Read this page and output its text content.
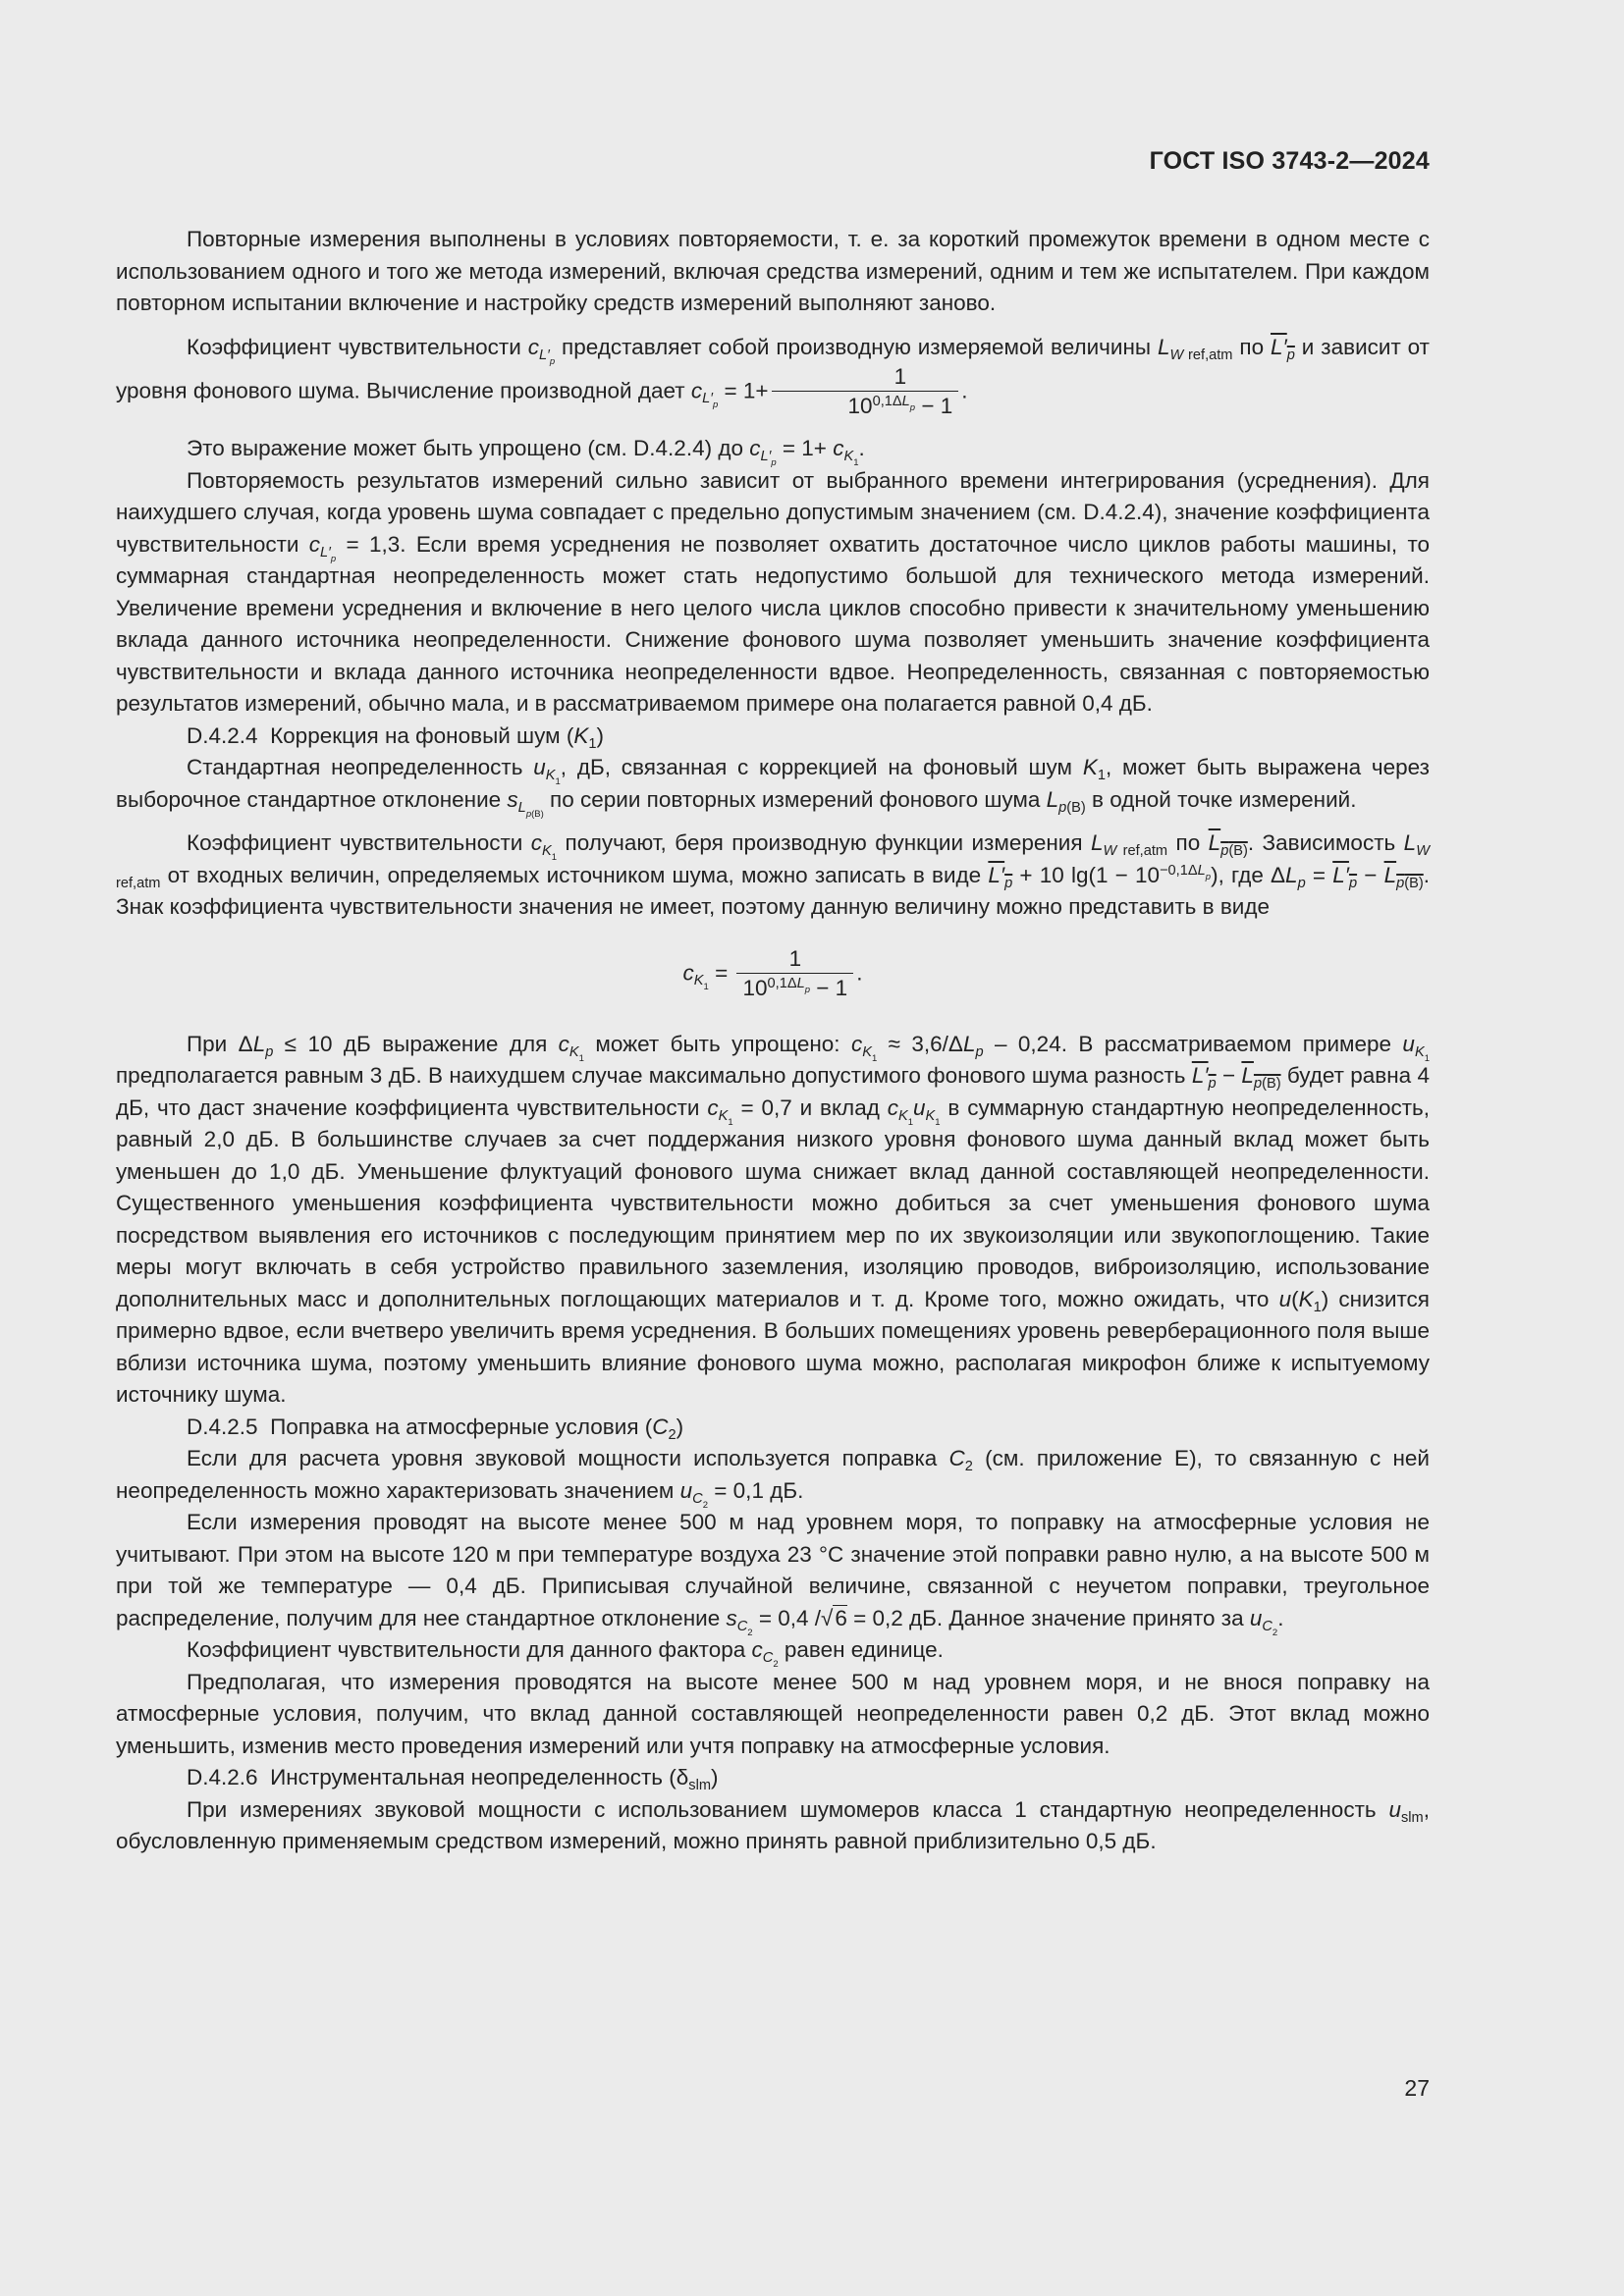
ГОСТ ISO 3743-2—2024

Повторные измерения выполнены в условиях повторяемости, т. е. за короткий промежуток времени в одном месте с использованием одного и того же метода измерений, включая средства измерений, одним и тем же испытателем. При каждом повторном испытании включение и настройку средств измерений выполняют заново.

Коэффициент чувствительности $c_{L'_p}$ представляет собой производную измеряемой величины $L_{W ref,atm}$ по $L'_p$ и зависит от уровня фонового шума. Вычисление производной дает $c_{L'_p} = 1+ \frac{1}{10^{0,1\Delta L_p} - 1}$ .

Это выражение может быть упрощено (см. D.4.2.4) до $c_{L'_p} = 1+ c_{K_1}$.

Повторяемость результатов измерений сильно зависит от выбранного времени интегрирования (усреднения). Для наихудшего случая, когда уровень шума совпадает с предельно допустимым значением (см. D.4.2.4), значение коэффициента чувствительности $c_{L'_p} = 1,3$. Если время усреднения не позволяет охватить достаточное число циклов работы машины, то суммарная стандартная неопределенность может стать недопустимо большой для технического метода измерений. Увеличение времени усреднения и включение в него целого числа циклов способно привести к значительному уменьшению вклада данного источника неопределенности. Снижение фонового шума позволяет уменьшить значение коэффициента чувствительности и вклада данного источника неопределенности вдвое. Неопределенность, связанная с повторяемостью результатов измерений, обычно мала, и в рассматриваемом примере она полагается равной 0,4 дБ.

D.4.2.4 Коррекция на фоновый шум $(K_1)$

Стандартная неопределенность $u_{K_1}$, дБ, связанная с коррекцией на фоновый шум $K_1$, может быть выражена через выборочное стандартное отклонение $s_{L_{p(B)}}$ по серии повторных измерений фонового шума $L_{p(B)}$ в одной точке измерений.

Коэффициент чувствительности $c_{K_1}$ получают, беря производную функции измерения $L_{W ref,atm}$ по $L_{p(B)}$. Зависимость $L_{W ref,atm}$ от входных величин, определяемых источником шума, можно записать в виде $L'_p + 10$ $\lg(1 - 10^{-0,1\Delta L_p})$, где $\Delta L_p = L'_p - L_{p(B)}$. Знак коэффициента чувствительности значения не имеет, поэтому данную величину можно представить в виде

$c_{K_1} = \frac{1}{10^{0,1\Delta L_p} - 1}$ .

При $\Delta L_p \le 10$ дБ выражение для $c_{K_1}$ может быть упрощено: $c_{K_1} \approx 3,6/\Delta L_p - 0,24$. В рассматриваемом примере $u_{K_1}$ предполагается равным 3 дБ. В наихудшем случае максимально допустимого фонового шума разность $L'_p - L_{p(B)}$ будет равна 4 дБ, что даст значение коэффициента чувствительности $c_{K_1} = 0,7$ и вклад $c_{K_1}u_{K_1}$ в суммарную стандартную неопределенность, равный 2,0 дБ. В большинстве случаев за счет поддержания низкого уровня фонового шума данный вклад может быть уменьшен до 1,0 дБ. Уменьшение флуктуаций фонового шума снижает вклад данной составляющей неопределенности. Существенного уменьшения коэффициента чувствительности можно добиться за счет уменьшения фонового шума посредством выявления его источников с последующим принятием мер по их звукоизоляции или звукопоглощению. Такие меры могут включать в себя устройство правильного заземления, изоляцию проводов, виброизоляцию, использование дополнительных масс и дополнительных поглощающих материалов и т. д. Кроме того, можно ожидать, что $u(K_1)$ снизится примерно вдвое, если вчетверо увеличить время усреднения. В больших помещениях уровень реверберационного поля выше вблизи источника шума, поэтому уменьшить влияние фонового шума можно, располагая микрофон ближе к испытуемому источнику шума.

D.4.2.5 Поправка на атмосферные условия $(C_2)$

Если для расчета уровня звуковой мощности используется поправка $C_2$ (см. приложение E), то связанную с ней неопределенность можно характеризовать значением $u_{C_2} = 0,1$ дБ.

Если измерения проводят на высоте менее 500 м над уровнем моря, то поправку на атмосферные условия не учитывают. При этом на высоте 120 м при температуре воздуха 23 °C значение этой поправки равно нулю, а на высоте 500 м при той же температуре — 0,4 дБ. Приписывая случайной величине, связанной с неучетом поправки, треугольное распределение, получим для нее стандартное отклонение $s_{C_2} = 0,4$ /√6 = 0,2 дБ. Данное значение принято за $u_{C_2}$.

Коэффициент чувствительности для данного фактора $c_{C_2}$ равен единице.

Предполагая, что измерения проводятся на высоте менее 500 м над уровнем моря, и не внося поправку на атмосферные условия, получим, что вклад данной составляющей неопределенности равен 0,2 дБ. Этот вклад можно уменьшить, изменив место проведения измерений или учтя поправку на атмосферные условия.

D.4.2.6 Инструментальная неопределенность $(\delta_{slm})$

При измерениях звуковой мощности с использованием шумомеров класса 1 стандартную неопределенность $u_{slm}$, обусловленную применяемым средством измерений, можно принять равной приблизительно 0,5 дБ.

27
